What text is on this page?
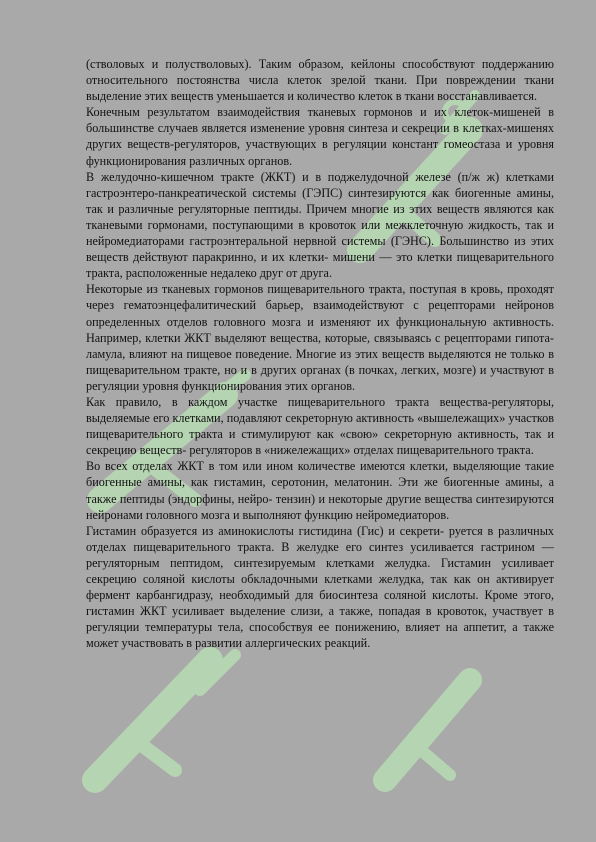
(стволовых и полустволовых). Таким образом, кейлоны способствуют поддержанию относительного постоянства числа клеток зрелой ткани. При повреждении ткани выделение этих веществ уменьшается и количество клеток в ткани восстанавливается.

Конечным результатом взаимодействия тканевых гормонов и их клеток-мишеней в большинстве случаев является изменение уровня синтеза и секреции в клетках-мишенях других веществ-регуляторов, участвующих в регуляции констант гомеостаза и уровня функционирования различных органов.

В желудочно-кишечном тракте (ЖКТ) и в поджелудочной железе (п/ж ж) клетками гастроэнтеро-панкреатической системы (ГЭПС) синтезируются как биогенные амины, так и различные регуляторные пептиды. Причем многие из этих веществ являются как тканевыми гормонами, поступающими в кровоток или межклеточную жидкость, так и нейромедиаторами гастроэнтеральной нервной системы (ГЭНС). Большинство из этих веществ действуют паракринно, и их клетки- мишени — это клетки пищеварительного тракта, расположенные недалеко друг от друга.

Некоторые из тканевых гормонов пищеварительного тракта, поступая в кровь, проходят через гематоэнцефалитический барьер, взаимодействуют с рецепторами нейронов определенных отделов головного мозга и изменяют их функциональную активность. Например, клетки ЖКТ выделяют вещества, которые, связываясь с рецепторами гипота- ламула, влияют на пищевое поведение. Многие из этих веществ выделяются не только в пищеварительном тракте, но и в других органах (в почках, легких, мозге) и участвуют в регуляции уровня функционирования этих органов.

Как правило, в каждом участке пищеварительного тракта вещества-регуляторы, выделяемые его клетками, подавляют секреторную активность «вышележащих» участков пищеварительного тракта и стимулируют как «свою» секреторную активность, так и секрецию веществ- регуляторов в «нижележащих» отделах пищеварительного тракта.

Во всех отделах ЖКТ в том или ином количестве имеются клетки, выделяющие такие биогенные амины, как гистамин, серотонин, мелатонин. Эти же биогенные амины, а также пептиды (эндорфины, нейро- тензин) и некоторые другие вещества синтезируются нейронами головного мозга и выполняют функцию нейромедиаторов.

Гистамин образуется из аминокислоты гистидина (Гис) и секрети- руется в различных отделах пищеварительного тракта. В желудке его синтез усиливается гастрином — регуляторным пептидом, синтезируемым клетками желудка. Гистамин усиливает секрецию соляной кислоты обкладочными клетками желудка, так как он активирует фермент карбангидразу, необходимый для биосинтеза соляной кислоты. Кроме этого, гистамин ЖКТ усиливает выделение слизи, а также, попадая в кровоток, участвует в регуляции температуры тела, способствуя ее понижению, влияет на аппетит, а также может участвовать в развитии аллергических реакций.
